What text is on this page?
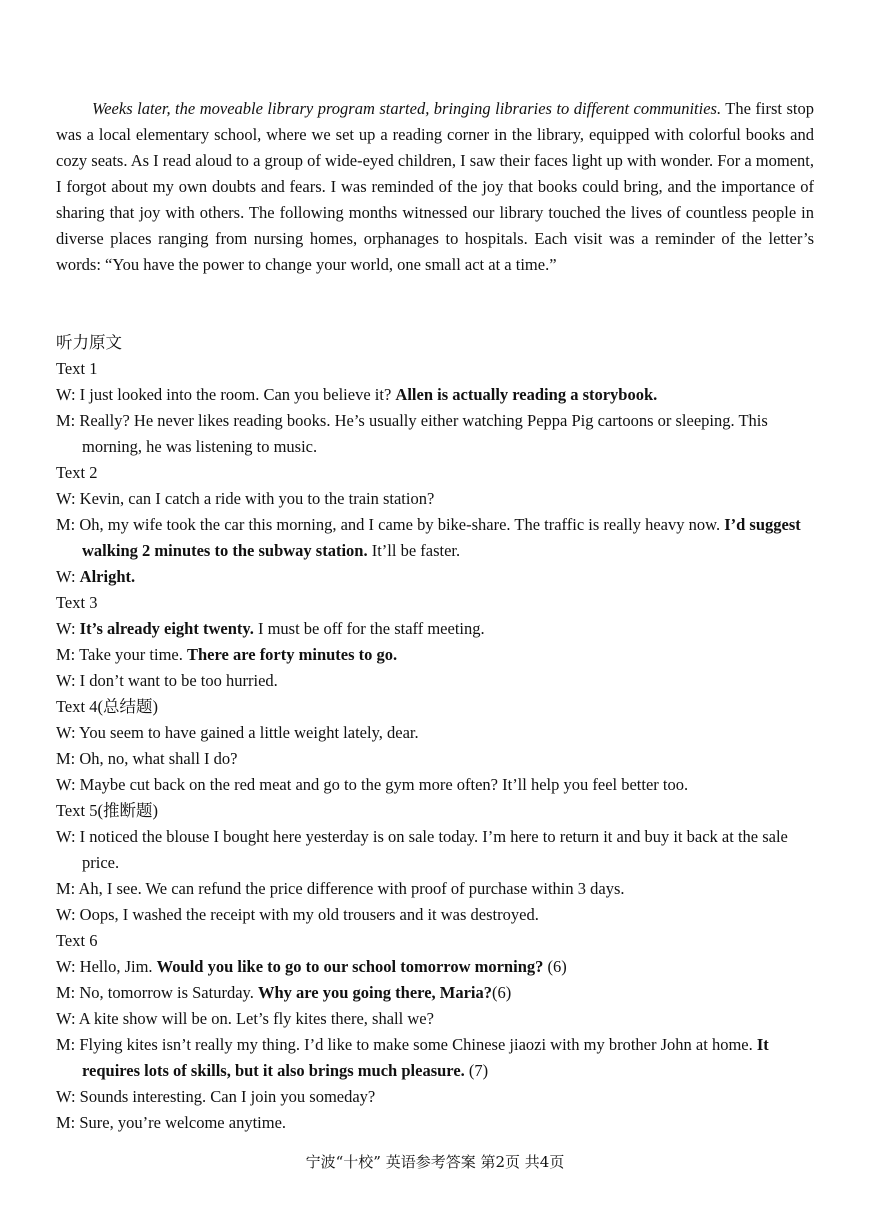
Weeks later, the moveable library program started, bringing libraries to different communities. The first stop was a local elementary school, where we set up a reading corner in the library, equipped with colorful books and cozy seats. As I read aloud to a group of wide-eyed children, I saw their faces light up with wonder. For a moment, I forgot about my own doubts and fears. I was reminded of the joy that books could bring, and the importance of sharing that joy with others. The following months witnessed our library touched the lives of countless people in diverse places ranging from nursing homes, orphanages to hospitals. Each visit was a reminder of the letter’s words: “You have the power to change your world, one small act at a time.”

听力原文
Text 1
W: I just looked into the room. Can you believe it? Allen is actually reading a storybook.
M: Really? He never likes reading books. He’s usually either watching Peppa Pig cartoons or sleeping. This morning, he was listening to music.
Text 2
W: Kevin, can I catch a ride with you to the train station?
M: Oh, my wife took the car this morning, and I came by bike-share. The traffic is really heavy now. I’d suggest walking 2 minutes to the subway station. It’ll be faster.
W: Alright.
Text 3
W: It’s already eight twenty. I must be off for the staff meeting.
M: Take your time. There are forty minutes to go.
W: I don’t want to be too hurried.
Text 4(总结题)
W: You seem to have gained a little weight lately, dear.
M: Oh, no, what shall I do?
W: Maybe cut back on the red meat and go to the gym more often? It’ll help you feel better too.
Text 5(推断题)
W: I noticed the blouse I bought here yesterday is on sale today. I’m here to return it and buy it back at the sale price.
M: Ah, I see. We can refund the price difference with proof of purchase within 3 days.
W: Oops, I washed the receipt with my old trousers and it was destroyed.
Text 6
W: Hello, Jim. Would you like to go to our school tomorrow morning? (6)
M: No, tomorrow is Saturday. Why are you going there, Maria?(6)
W: A kite show will be on. Let’s fly kites there, shall we?
M: Flying kites isn’t really my thing. I’d like to make some Chinese jiaozi with my brother John at home. It requires lots of skills, but it also brings much pleasure. (7)
W: Sounds interesting. Can I join you someday?
M: Sure, you’re welcome anytime.
宁波“十校” 英语参考答案 第2页 共4页
